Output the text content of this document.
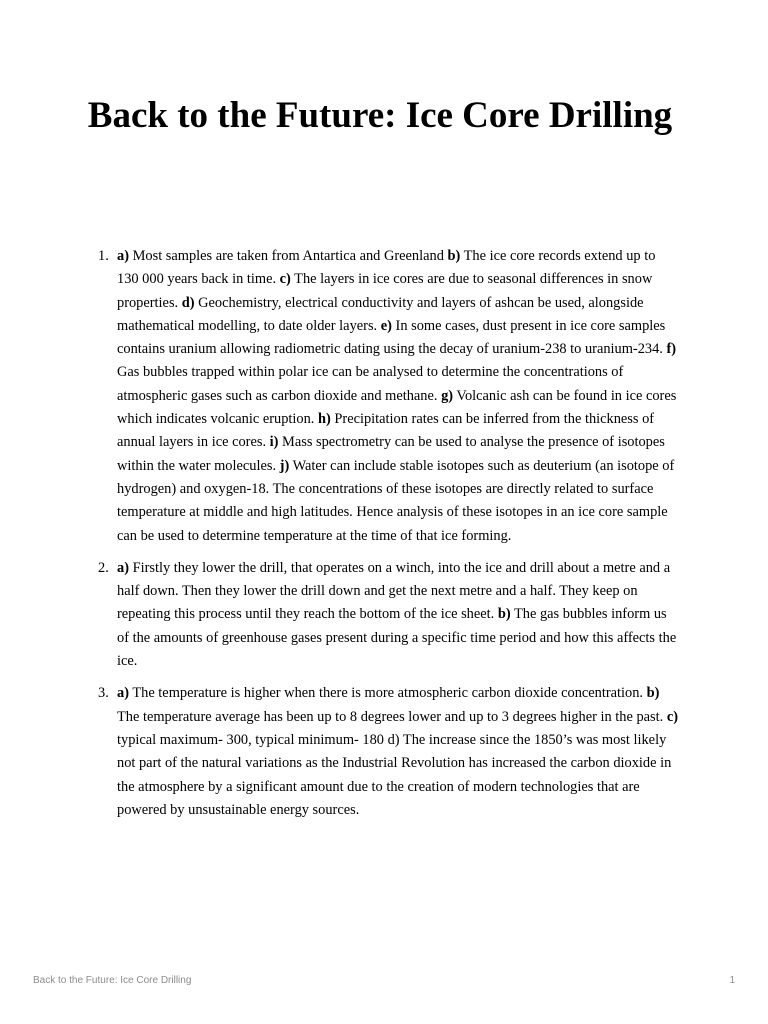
Back to the Future: Ice Core Drilling
1. a) Most samples are taken from Antartica and Greenland b) The ice core records extend up to 130 000 years back in time. c) The layers in ice cores are due to seasonal differences in snow properties. d) Geochemistry, electrical conductivity and layers of ashcan be used, alongside mathematical modelling, to date older layers. e) In some cases, dust present in ice core samples contains uranium allowing radiometric dating using the decay of uranium-238 to uranium-234. f) Gas bubbles trapped within polar ice can be analysed to determine the concentrations of atmospheric gases such as carbon dioxide and methane. g) Volcanic ash can be found in ice cores which indicates volcanic eruption. h) Precipitation rates can be inferred from the thickness of annual layers in ice cores. i) Mass spectrometry can be used to analyse the presence of isotopes within the water molecules. j) Water can include stable isotopes such as deuterium (an isotope of hydrogen) and oxygen-18. The concentrations of these isotopes are directly related to surface temperature at middle and high latitudes. Hence analysis of these isotopes in an ice core sample can be used to determine temperature at the time of that ice forming.
2. a) Firstly they lower the drill, that operates on a winch, into the ice and drill about a metre and a half down. Then they lower the drill down and get the next metre and a half. They keep on repeating this process until they reach the bottom of the ice sheet. b) The gas bubbles inform us of the amounts of greenhouse gases present during a specific time period and how this affects the ice.
3. a) The temperature is higher when there is more atmospheric carbon dioxide concentration. b) The temperature average has been up to 8 degrees lower and up to 3 degrees higher in the past. c) typical maximum- 300, typical minimum- 180 d) The increase since the 1850’s was most likely not part of the natural variations as the Industrial Revolution has increased the carbon dioxide in the atmosphere by a significant amount due to the creation of modern technologies that are powered by unsustainable energy sources.
Back to the Future: Ice Core Drilling	1
